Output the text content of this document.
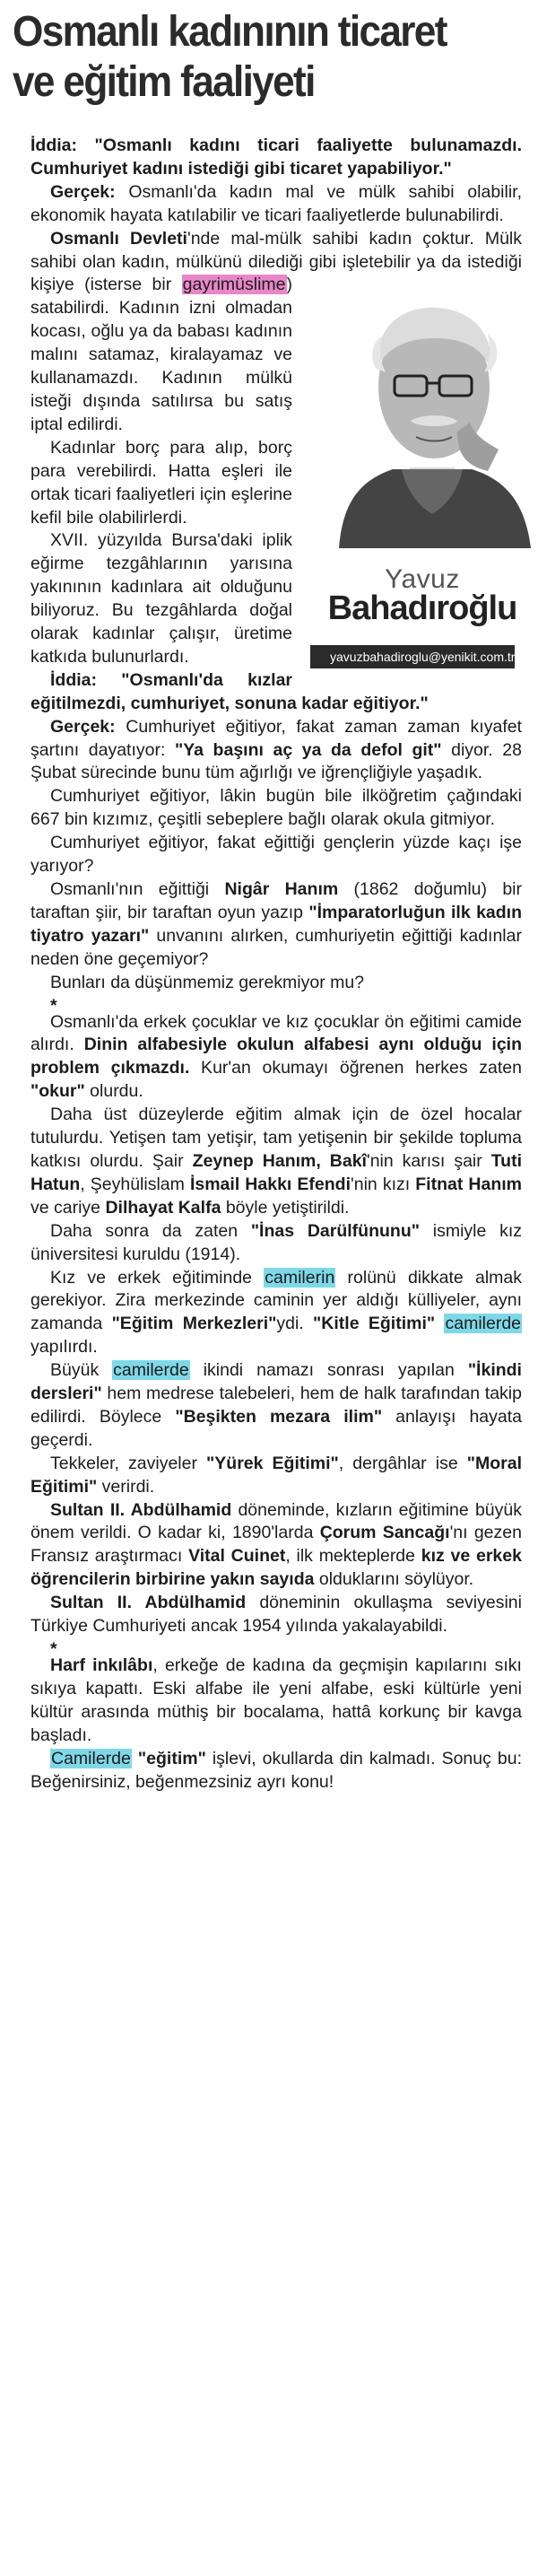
Osmanlı kadınının ticaret ve eğitim faaliyeti

İddia: "Osmanlı kadını ticari faaliyette bulunamazdı. Cumhuriyet kadını istediği gibi ticaret yapabiliyor."

Gerçek: Osmanlı'da kadın mal ve mülk sahibi olabilir, ekonomik hayata katılabilir ve ticari faaliyetlerde bulunabilirdi.

Osmanlı Devleti'nde mal-mülk sahibi kadın çoktur. Mülk sahibi olan kadın, mülkünü dilediği gibi işletebilir ya da istediği kişiye (isterse bir
Yavuz
Bahadıroğlu
yavuzbahadiroglu@yenikit.com.tr
gayrimüslime) satabilirdi. Kadının izni olmadan kocası, oğlu ya da babası kadının malını satamaz, kiralayamaz ve kullanamazdı. Kadının mülkü isteği dışında satılırsa bu satış iptal edilirdi.

Kadınlar borç para alıp, borç para verebilirdi. Hatta eşleri ile ortak ticari faaliyetleri için eşlerine kefil bile olabilirlerdi.

XVII. yüzyılda Bursa'daki iplik eğirme tezgâhlarının yarısına yakınının kadınlara ait olduğunu biliyoruz. Bu tezgâhlarda doğal olarak kadınlar çalışır, üretime katkıda bulunurlardı.

İddia: "Osmanlı'da kızlar eğitilmezdi, cumhuriyet, sonuna kadar eğitiyor."

Gerçek: Cumhuriyet eğitiyor, fakat zaman zaman kıyafet şartını dayatıyor: "Ya başını aç ya da defol git" diyor. 28 Şubat sürecinde bunu tüm ağırlığı ve iğrençliğiyle yaşadık.

Cumhuriyet eğitiyor, lâkin bugün bile ilköğretim çağındaki 667 bin kızımız, çeşitli sebeplere bağlı olarak okula gitmiyor.

Cumhuriyet eğitiyor, fakat eğittiği gençlerin yüzde kaçı işe yarıyor?

Osmanlı'nın eğittiği Nigâr Hanım (1862 doğumlu) bir taraftan şiir, bir taraftan oyun yazıp "İmparatorluğun ilk kadın tiyatro yazarı" unvanını alırken, cumhuriyetin eğittiği kadınlar neden öne geçemiyor?

Bunları da düşünmemiz gerekmiyor mu?

*

Osmanlı'da erkek çocuklar ve kız çocuklar ön eğitimi camide alırdı. Dinin alfabesiyle okulun alfabesi aynı olduğu için problem çıkmazdı. Kur'an okumayı öğrenen herkes zaten "okur" olurdu.

Daha üst düzeylerde eğitim almak için de özel hocalar tutulurdu. Yetişen tam yetişir, tam yetişenin bir şekilde topluma katkısı olurdu. Şair Zeynep Hanım, Bakî'nin karısı şair Tuti Hatun, Şeyhülislam İsmail Hakkı Efendi'nin kızı Fitnat Hanım ve cariye Dilhayat Kalfa böyle yetiştirildi.

Daha sonra da zaten "İnas Darülfünunu" ismiyle kız üniversitesi kuruldu (1914).

Kız ve erkek eğitiminde camilerin rolünü dikkate almak gerekiyor. Zira merkezinde caminin yer aldığı külliyeler, aynı zamanda "Eğitim Merkezleri"ydi. "Kitle Eğitimi" camilerde yapılırdı.

Büyük camilerde ikindi namazı sonrası yapılan "İkindi dersleri" hem medrese talebeleri, hem de halk tarafından takip edilirdi. Böylece "Beşikten mezara ilim" anlayışı hayata geçerdi.

Tekkeler, zaviyeler "Yürek Eğitimi", dergâhlar ise "Moral Eğitimi" verirdi.

Sultan II. Abdülhamid döneminde, kızların eğitimine büyük önem verildi. O kadar ki, 1890'larda Çorum Sancağı'nı gezen Fransız araştırmacı Vital Cuinet, ilk mekteplerde kız ve erkek öğrencilerin birbirine yakın sayıda olduklarını söylüyor.

Sultan II. Abdülhamid döneminin okullaşma seviyesini Türkiye Cumhuriyeti ancak 1954 yılında yakalayabildi.

*

Harf inkılâbı, erkeğe de kadına da geçmişin kapılarını sıkı sıkıya kapattı. Eski alfabe ile yeni alfabe, eski kültürle yeni kültür arasında müthiş bir bocalama, hattâ korkunç bir kavga başladı.

Camilerde "eğitim" işlevi, okullarda din kalmadı. Sonuç bu: Beğenirsiniz, beğenmezsiniz ayrı konu!
